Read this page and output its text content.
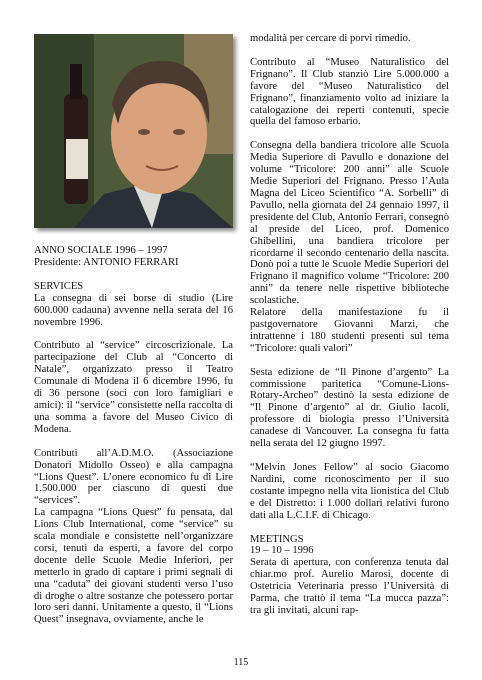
ANNO SOCIALE 1996 – 1997

Presidente: ANTONIO FERRARI

SERVICES

La consegna di sei borse di studio (Lire 600.000 cadauna) avvenne nella serata del 16 novembre 1996.

Contributo al “service” circoscrizionale. La partecipazione del Club al “Concerto di Natale”, organizzato presso il Teatro Comunale di Modena il 6 dicembre 1996, fu di 36 persone (soci con loro famigliari e amici): il “service” consistette nella raccolta di una somma a favore del Museo Civico di Modena.

Contributi all’A.D.M.O. (Associazione Donatori Midollo Osseo) e alla campagna “Lions Quest”. L’onere economico fu di Lire 1.500.000 per ciascuno di questi due “services”.

La campagna “Lions Quest” fu pensata, dal Lions Club International, come “service” su scala mondiale e consistette nell’organizzare corsi, tenuti da esperti, a favore del corpo docente delle Scuole Medie Inferiori, per metterlo in grado di captare i primi segnali di una “caduta” dei giovani studenti verso l’uso di droghe o altre sostanze che potessero portar loro seri danni. Unitamente a questo, il “Lions Quest” insegnava, ovviamente, anche le

modalità per cercare di porvi rimedio.

Contributo al “Museo Naturalistico del Frignano”. Il Club stanziò Lire 5.000.000 a favore del “Museo Naturalistico del Frignano”, finanziamento volto ad iniziare la catalogazione dei reperti contenuti, specie quella del famoso erbario.

Consegna della bandiera tricolore alle Scuola Media Superiore di Pavullo e donazione del volume “Tricolore: 200 anni” alle Scuole Medie Superiori del Frignano. Presso l’Aula Magna del Liceo Scientifico “A. Sorbelli” di Pavullo, nella giornata del 24 gennaio 1997, il presidente del Club, Antonio Ferrari, consegnò al preside del Liceo, prof. Domenico Ghibellini, una bandiera tricolore per ricordarne il secondo centenario della nascita. Donò poi a tutte le Scuole Medie Superiori del Frignano il magnifico volume “Tricolore: 200 anni” da tenere nelle rispettive biblioteche scolastiche.

Relatore della manifestazione fu il pastgovernatore Giovanni Marzi, che intrattenne i 180 studenti presenti sul tema “Tricolore: quali valori”

Sesta edizione de “Il Pinone d’argento” La commissione paritetica “Comune-Lions-Rotary-Archeo” destinò la sesta edizione de “Il Pinone d’argento” al dr. Giulio Iacoli, professore di biologia presso l’Università canadese di Vancouver. La consegna fu fatta nella serata del 12 giugno 1997.

“Melvin Jones Fellow” al socio Giacomo Nardini, come riconoscimento per il suo costante impegno nella vita lionistica del Club e del Distretto: i 1.000 dollari relativi furono dati alla L.C.I.F. di Chicago.

MEETINGS

19 – 10 – 1996

Serata di apertura, con conferenza tenuta dal chiar.mo prof. Aurelio Marosi, docente di Ostetricia Veterinaria presso l’Università di Parma, che trattò il tema “La mucca pazza”: tra gli invitati, alcuni rap-

115
